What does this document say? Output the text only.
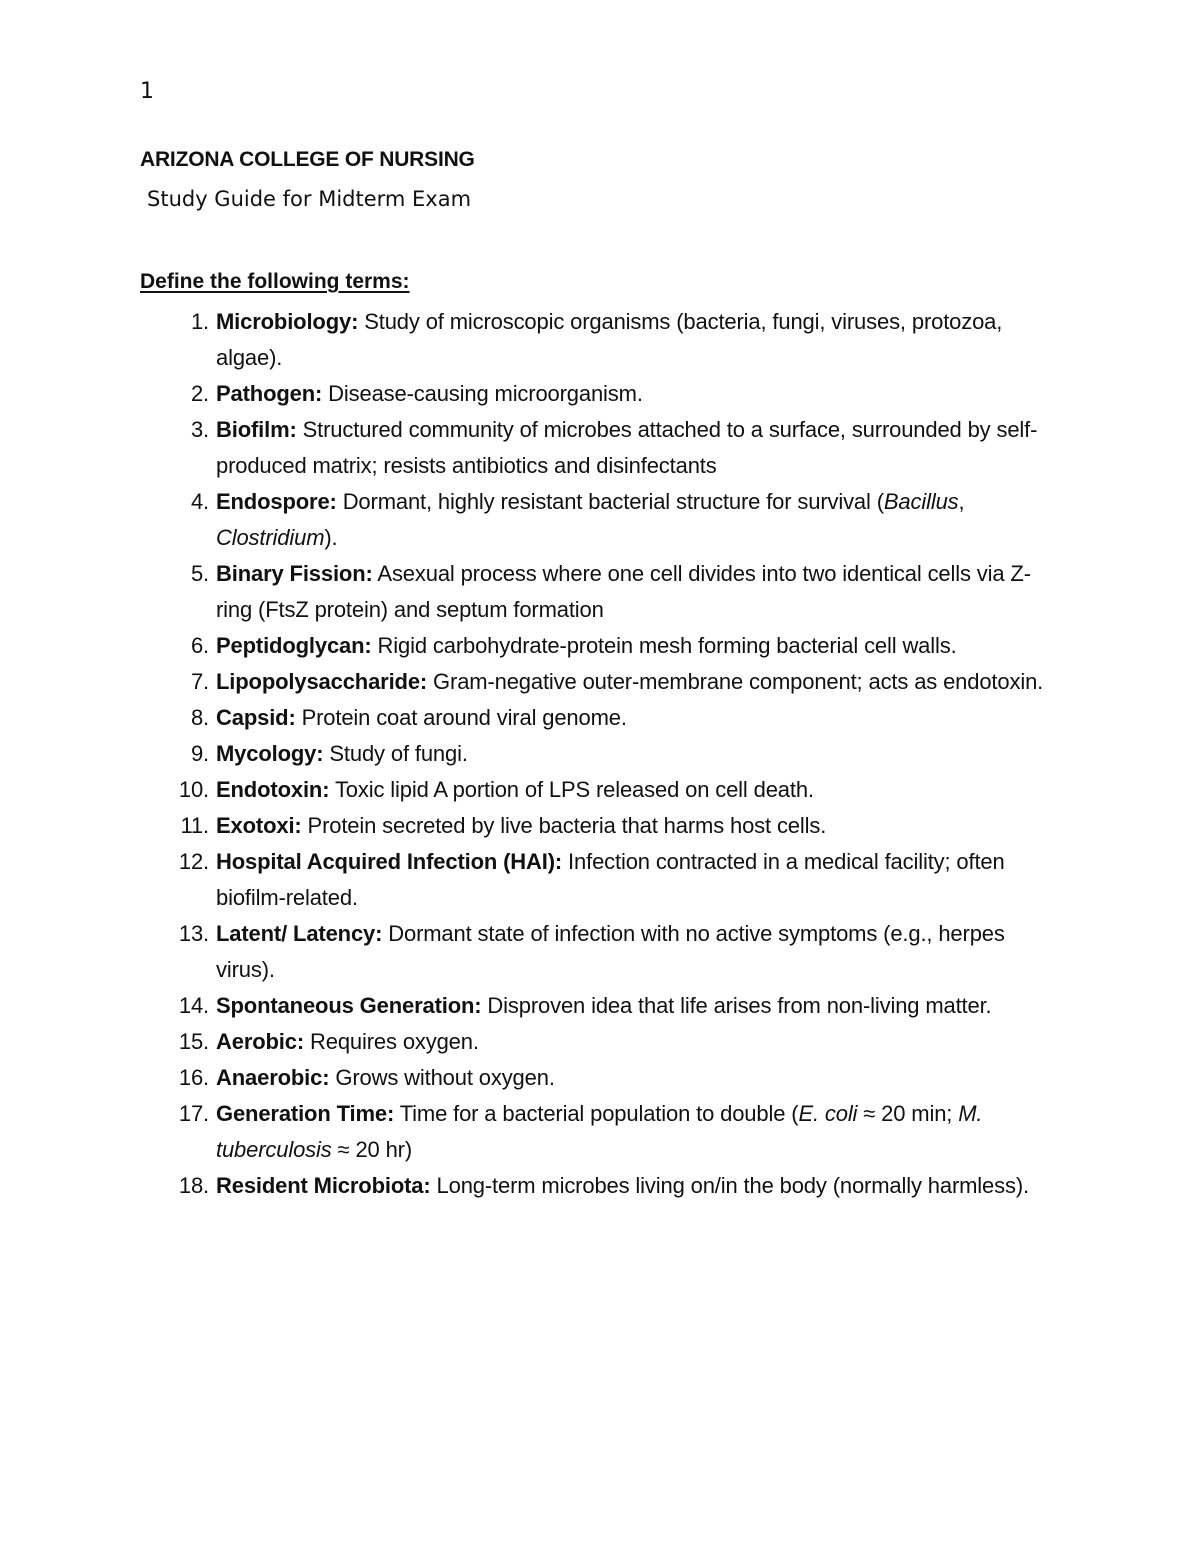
1
ARIZONA COLLEGE OF NURSING
Study Guide for Midterm Exam
Define the following terms:
1. Microbiology: Study of microscopic organisms (bacteria, fungi, viruses, protozoa, algae).
2. Pathogen: Disease-causing microorganism.
3. Biofilm: Structured community of microbes attached to a surface, surrounded by self-produced matrix; resists antibiotics and disinfectants
4. Endospore: Dormant, highly resistant bacterial structure for survival (Bacillus, Clostridium).
5. Binary Fission: Asexual process where one cell divides into two identical cells via Z-ring (FtsZ protein) and septum formation
6. Peptidoglycan: Rigid carbohydrate-protein mesh forming bacterial cell walls.
7. Lipopolysaccharide: Gram-negative outer-membrane component; acts as endotoxin.
8. Capsid: Protein coat around viral genome.
9. Mycology: Study of fungi.
10. Endotoxin: Toxic lipid A portion of LPS released on cell death.
11. Exotoxi: Protein secreted by live bacteria that harms host cells.
12. Hospital Acquired Infection (HAI): Infection contracted in a medical facility; often biofilm-related.
13. Latent/ Latency: Dormant state of infection with no active symptoms (e.g., herpes virus).
14. Spontaneous Generation: Disproven idea that life arises from non-living matter.
15. Aerobic: Requires oxygen.
16. Anaerobic: Grows without oxygen.
17. Generation Time: Time for a bacterial population to double (E. coli ≈ 20 min; M. tuberculosis ≈ 20 hr)
18. Resident Microbiota: Long-term microbes living on/in the body (normally harmless).
